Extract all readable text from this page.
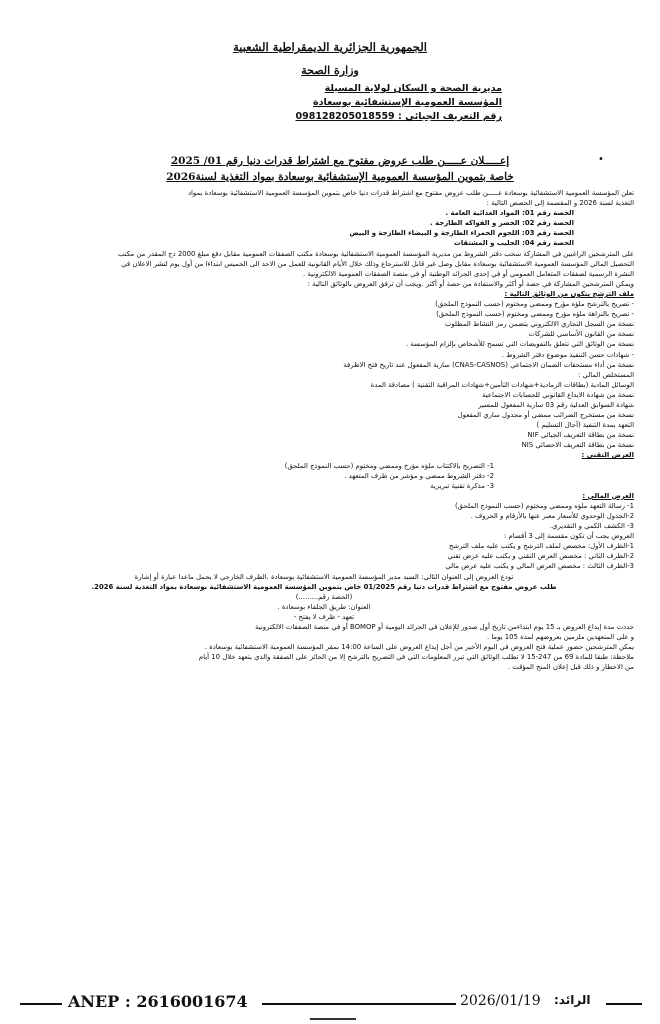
الجمهورية الجزائرية الديمقراطية الشعبية
وزارة الصحة
مديرية الصحة و السكان لولاية المسيلة
المؤسسة العمومية الإستشفائية بوسعادة
رقم التعريف الجبائي : 098128205018559
•
إعـــــلان عـــــن طلب عروض مفتوح مع اشتراط قدرات دنيا رقم 01/ 2025
خاصة بتموين المؤسسة العمومية الإستشفائية بوسعادة بمواد التغذية لسنة2026
تعلن المؤسسة العمومية الاستشفائية بوسعادة عـــــن طلب عروض مفتوح مع اشتراط قدرات دنيا خاص بتموين المؤسسة العمومية الاستشفائية بوسعادة بمواد
التغذية لسنة 2026 و المقسمة إلى الحصص التالية :
الحصة رقم 01: المواد الغذائية العامة .
الحصة رقم 02: الخضر و الفواكه الطازجة .
الحصة رقم 03: اللحوم الحمراء الطازجة و البيضاء الطازجة و البيض
الحصة رقم 04: الحليب و المشتقات
على المترشحين الراغبين في المشاركة سحب دفتر الشروط من مديرية المؤسسة العمومية الاستشفائية بوسعادة مكتب الصفقات العمومية مقابل دفع مبلغ 2000 دج المقدر من مكتب
التحصيل المالي المؤسسة العمومية الاستشفائية بوسعادة مقابل وصل غير قابل للاسترجاع وذلك خلال الأيام القانونية للعمل من الاحد الى الخميس ابتداءا من أول يوم لنشر الاعلان في
النشرة الرسمية لصفقات المتعامل العمومي أو في إحدى الجرائد الوطنية أو في منصة الصفقات العمومية الالكترونية .
ويمكن المترشحين المشاركة في حصة أو أكثر والاستفادة من حصة أو أكثر .ويجب أن ترفق العروض بالوثائق التالية :
ملف الترشح يتكون من الوثائق التالية :
- تصريح بالترشح ملؤه مؤرخ وممضي ومختوم (حسب النموذج الملحق)
- تصريح بالنزاهة ملؤه مؤرخ وممضي ومختوم (حسب النموذج الملحق)
نسخة من السجل التجاري الالكتروني يتضمن رمز النشاط المطلوب
نسخة من القانون الأساسي للشركات
نسخة من الوثائق التي تتعلق بالتفويضات التي تسمح للأشخاص بإلزام المؤسسة .
- شهادات حسن التنفيذ موضوع دفتر الشروط .
نسخة من أداء مستحقات الضمان الاجتماعي (CNAS-CASNOS) سارية المفعول عند تاريخ فتح الاظرفة
المستخلص المالي :
الوسائل المادية (بطاقات الرمادية+شهادات التأمين+شهادات المراقبة التقنية ) مصادقة المدة
نسخة من شهادة الايداع القانوني للحسابات الاجتماعية
شهادة السوابق العدلية رقم 03 سارية المفعول للمسير
نسخة من مستخرج الضرائب ممضي أو مجدول ساري المفعول
التعهد بمدة التنفيذ (آجال التسليم )
نسخة من بطاقة التعريف الجبائي NIF
نسخة من بطاقة التعريف الاحصائي NIS
العرض التقني :
1- التصريح بالاكتتاب ملؤه مؤرخ وممضي ومختوم (حسب النموذج الملحق)
2- دفتر الشروط ممضي و مؤشر من طرف المتعهد .
3- مذكرة تقنية تبريرية
العرض المالي :
1- رسالة التعهد ملؤه وممضي ومختوم (حسب النموذج الملحق)
2-الجدول الوحدوي للأسعار معبر عنها بالأرقام و الحروف .
3- الكشف الكمي و التقديري.
العروض يجب أن تكون مقسمة إلى 3 أقسام :
1-الظرف الأول: مخصص لملف الترشح و يكتب عليه ملف الترشح
2-الظرف الثاني : مخصص العرض التقني و يكتب عليه عرض تقني
3-الظرف الثالث : مخصص العرض المالي و يكتب عليه عرض مالي
تودع العروض إلى العنوان التالي: السيد مدير المؤسسة العمومية الاستشفائية بوسعادة .الظرف الخارجي لا يحمل ماعدا عبارة أو إشارة
طلب عروض مفتوح مع اشتراط قدرات دنيا رقم 01/2025 خاص بتموين المؤسسة العمومية الاستشفائية بوسعادة بمواد التغذية لسنة 2026.
(الحصة رقم.........)
العنوان: طريق الجلفاء بوسعادة .
تعهد - ظرف لا يفتح -
حددت مدة إيداع العروض بـ 15 يوم ابتداءمن تاريخ أول صدور للإعلان في الجرائد اليومية أو BOMOP أو في منصة الصفقات الالكترونية
و على المتعهدين ملزمين بعروضهم لمدة 105 يوما .
يمكن المترشحين حضور عملية فتح العروض في اليوم الأخير من أجل إيداع العروض على الساعة 14:00 بمقر المؤسسة العمومية الاستشفائية بوسعادة .
ملاحظة: طبقا للمادة 69 من 247-15 لا تطلب الوثائق التي تبرر المعلومات التي في التصريح بالترشح إلا من الحائز على الصفقة والذي يتعهد خلال 10 أيام
من الاخطار و ذلك قبل إعلان المنح المؤقت .
ANEP : 2616001674	2026/01/19 الرائد:
